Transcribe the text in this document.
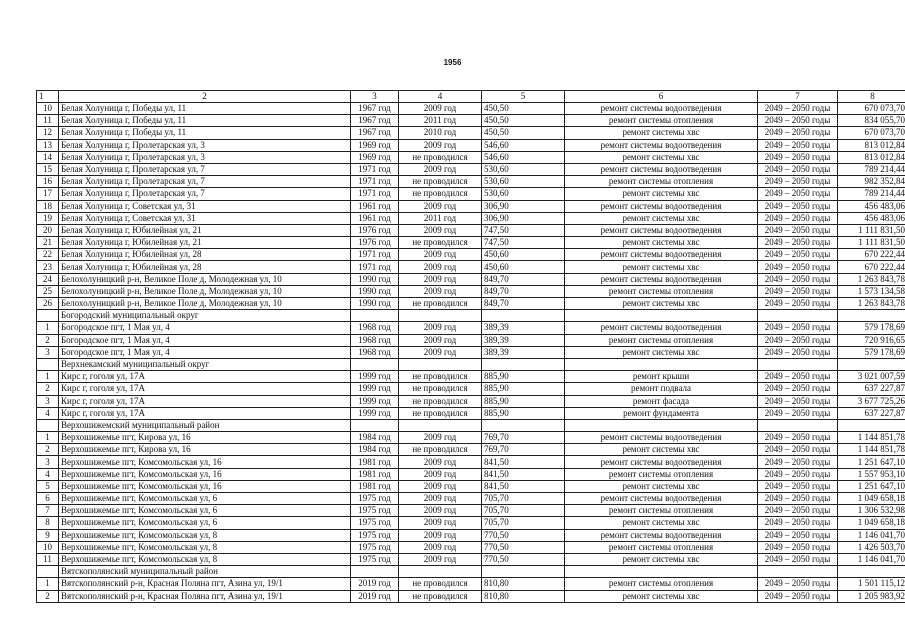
1956
1	2	3	4	5	6	7	8
10	Белая Холуница г, Победы ул, 11	1967 год	2009 год	450,50	ремонт системы водоотведения	2049 – 2050 годы	670 073,70
11	Белая Холуница г, Победы ул, 11	1967 год	2011 год	450,50	ремонт системы отопления	2049 – 2050 годы	834 055,70
12	Белая Холуница г, Победы ул, 11	1967 год	2010 год	450,50	ремонт системы хвс	2049 – 2050 годы	670 073,70
13	Белая Холуница г, Пролетарская ул, 3	1969 год	2009 год	546,60	ремонт системы водоотведения	2049 – 2050 годы	813 012,84
14	Белая Холуница г, Пролетарская ул, 3	1969 год	не проводился	546,60	ремонт системы хвс	2049 – 2050 годы	813 012,84
15	Белая Холуница г, Пролетарская ул, 7	1971 год	2009 год	530,60	ремонт системы водоотведения	2049 – 2050 годы	789 214,44
16	Белая Холуница г, Пролетарская ул, 7	1971 год	не проводился	530,60	ремонт системы отопления	2049 – 2050 годы	982 352,84
17	Белая Холуница г, Пролетарская ул, 7	1971 год	не проводился	530,60	ремонт системы хвс	2049 – 2050 годы	789 214,44
18	Белая Холуница г, Советская ул, 31	1961 год	2009 год	306,90	ремонт системы водоотведения	2049 – 2050 годы	456 483,06
19	Белая Холуница г, Советская ул, 31	1961 год	2011 год	306,90	ремонт системы хвс	2049 – 2050 годы	456 483,06
20	Белая Холуница г, Юбилейная ул, 21	1976 год	2009 год	747,50	ремонт системы водоотведения	2049 – 2050 годы	1 111 831,50
21	Белая Холуница г, Юбилейная ул, 21	1976 год	не проводился	747,50	ремонт системы хвс	2049 – 2050 годы	1 111 831,50
22	Белая Холуница г, Юбилейная ул, 28	1971 год	2009 год	450,60	ремонт системы водоотведения	2049 – 2050 годы	670 222,44
23	Белая Холуница г, Юбилейная ул, 28	1971 год	2009 год	450,60	ремонт системы хвс	2049 – 2050 годы	670 222,44
24	Белохолуницкий р-н, Великое Поле д, Молодежная ул, 10	1990 год	2009 год	849,70	ремонт системы водоотведения	2049 – 2050 годы	1 263 843,78
25	Белохолуницкий р-н, Великое Поле д, Молодежная ул, 10	1990 год	2009 год	849,70	ремонт системы отопления	2049 – 2050 годы	1 573 134,58
26	Белохолуницкий р-н, Великое Поле д, Молодежная ул, 10	1990 год	не проводился	849,70	ремонт системы хвс	2049 – 2050 годы	1 263 843,78
	Богородский муниципальный округ						
1	Богородское пгт, 1 Мая ул, 4	1968 год	2009 год	389,39	ремонт системы водоотведения	2049 – 2050 годы	579 178,69
2	Богородское пгт, 1 Мая ул, 4	1968 год	2009 год	389,39	ремонт системы отопления	2049 – 2050 годы	720 916,65
3	Богородское пгт, 1 Мая ул, 4	1968 год	2009 год	389,39	ремонт системы хвс	2049 – 2050 годы	579 178,69
	Верхнекамский муниципальный округ						
1	Кирс г, гоголя ул, 17А	1999 год	не проводился	885,90	ремонт крыши	2049 – 2050 годы	3 021 007,59
2	Кирс г, гоголя ул, 17А	1999 год	не проводился	885,90	ремонт подвала	2049 – 2050 годы	637 227,87
3	Кирс г, гоголя ул, 17А	1999 год	не проводился	885,90	ремонт фасада	2049 – 2050 годы	3 677 725,26
4	Кирс г, гоголя ул, 17А	1999 год	не проводился	885,90	ремонт фундамента	2049 – 2050 годы	637 227,87
	Верхошижемский муниципальный район						
1	Верхошижемье пгт, Кирова ул, 16	1984 год	2009 год	769,70	ремонт системы водоотведения	2049 – 2050 годы	1 144 851,78
2	Верхошижемье пгт, Кирова ул, 16	1984 год	не проводился	769,70	ремонт системы хвс	2049 – 2050 годы	1 144 851,78
3	Верхошижемье пгт, Комсомольская ул, 16	1981 год	2009 год	841,50	ремонт системы водоотведения	2049 – 2050 годы	1 251 647,10
4	Верхошижемье пгт, Комсомольская ул, 16	1981 год	2009 год	841,50	ремонт системы отопления	2049 – 2050 годы	1 557 953,10
5	Верхошижемье пгт, Комсомольская ул, 16	1981 год	2009 год	841,50	ремонт системы хвс	2049 – 2050 годы	1 251 647,10
6	Верхошижемье пгт, Комсомольская ул, 6	1975 год	2009 год	705,70	ремонт системы водоотведения	2049 – 2050 годы	1 049 658,18
7	Верхошижемье пгт, Комсомольская ул, 6	1975 год	2009 год	705,70	ремонт системы отопления	2049 – 2050 годы	1 306 532,98
8	Верхошижемье пгт, Комсомольская ул, 6	1975 год	2009 год	705,70	ремонт системы хвс	2049 – 2050 годы	1 049 658,18
9	Верхошижемье пгт, Комсомольская ул, 8	1975 год	2009 год	770,50	ремонт системы водоотведения	2049 – 2050 годы	1 146 041,70
10	Верхошижемье пгт, Комсомольская ул, 8	1975 год	2009 год	770,50	ремонт системы отопления	2049 – 2050 годы	1 426 503,70
11	Верхошижемье пгт, Комсомольская ул, 8	1975 год	2009 год	770,50	ремонт системы хвс	2049 – 2050 годы	1 146 041,70
	Вятскополянский муниципальный район						
1	Вятскополянский р-н, Красная Поляна пгт, Азина ул, 19/1	2019 год	не проводился	810,80	ремонт системы отопления	2049 – 2050 годы	1 501 115,12
2	Вятскополянский р-н, Красная Поляна пгт, Азина ул, 19/1	2019 год	не проводился	810,80	ремонт системы хвс	2049 – 2050 годы	1 205 983,92
